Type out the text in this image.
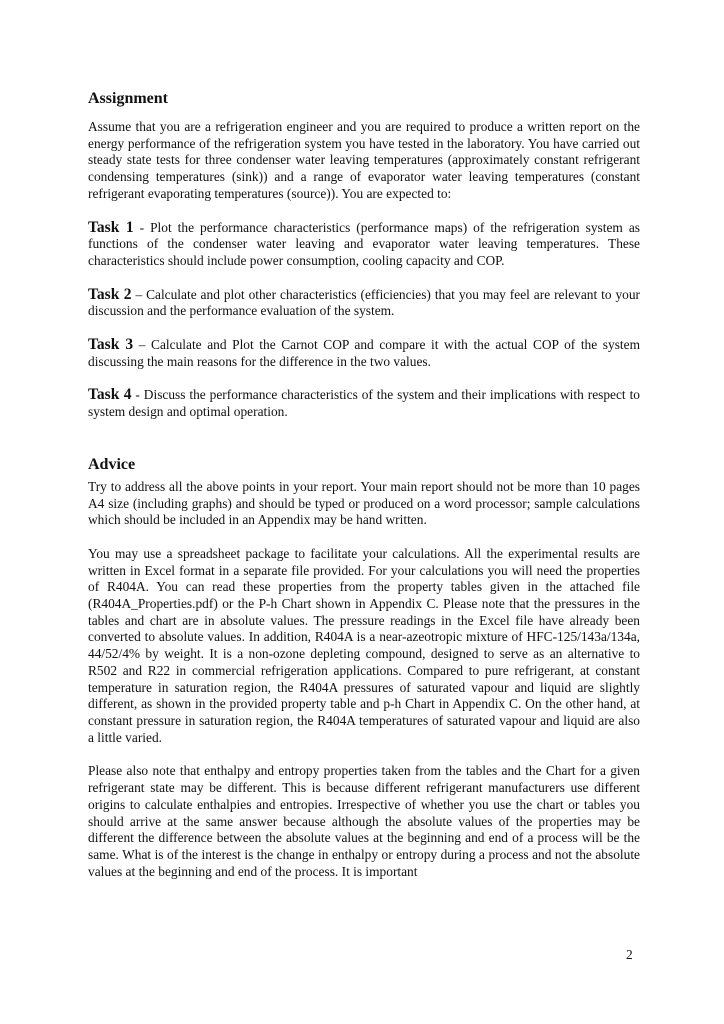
Assignment

Assume that you are a refrigeration engineer and you are required to produce a written report on the energy performance of the refrigeration system you have tested in the laboratory. You have carried out steady state tests for three condenser water leaving temperatures (approximately constant refrigerant condensing temperatures (sink)) and a range of evaporator water leaving temperatures (constant refrigerant evaporating temperatures (source)). You are expected to:

Task 1 - Plot the performance characteristics (performance maps) of the refrigeration system as functions of the condenser water leaving and evaporator water leaving temperatures. These characteristics should include power consumption, cooling capacity and COP.

Task 2 – Calculate and plot other characteristics (efficiencies) that you may feel are relevant to your discussion and the performance evaluation of the system.

Task 3 – Calculate and Plot the Carnot COP and compare it with the actual COP of the system discussing the main reasons for the difference in the two values.

Task 4 - Discuss the performance characteristics of the system and their implications with respect to system design and optimal operation.

Advice

Try to address all the above points in your report. Your main report should not be more than 10 pages A4 size (including graphs) and should be typed or produced on a word processor; sample calculations which should be included in an Appendix may be hand written.

You may use a spreadsheet package to facilitate your calculations. All the experimental results are written in Excel format in a separate file provided. For your calculations you will need the properties of R404A. You can read these properties from the property tables given in the attached file (R404A_Properties.pdf) or the P-h Chart shown in Appendix C. Please note that the pressures in the tables and chart are in absolute values. The pressure readings in the Excel file have already been converted to absolute values. In addition, R404A is a near-azeotropic mixture of HFC-125/143a/134a, 44/52/4% by weight. It is a non-ozone depleting compound, designed to serve as an alternative to R502 and R22 in commercial refrigeration applications. Compared to pure refrigerant, at constant temperature in saturation region, the R404A pressures of saturated vapour and liquid are slightly different, as shown in the provided property table and p-h Chart in Appendix C. On the other hand, at constant pressure in saturation region, the R404A temperatures of saturated vapour and liquid are also a little varied.

Please also note that enthalpy and entropy properties taken from the tables and the Chart for a given refrigerant state may be different. This is because different refrigerant manufacturers use different origins to calculate enthalpies and entropies. Irrespective of whether you use the chart or tables you should arrive at the same answer because although the absolute values of the properties may be different the difference between the absolute values at the beginning and end of a process will be the same. What is of the interest is the change in enthalpy or entropy during a process and not the absolute values at the beginning and end of the process. It is important

2
